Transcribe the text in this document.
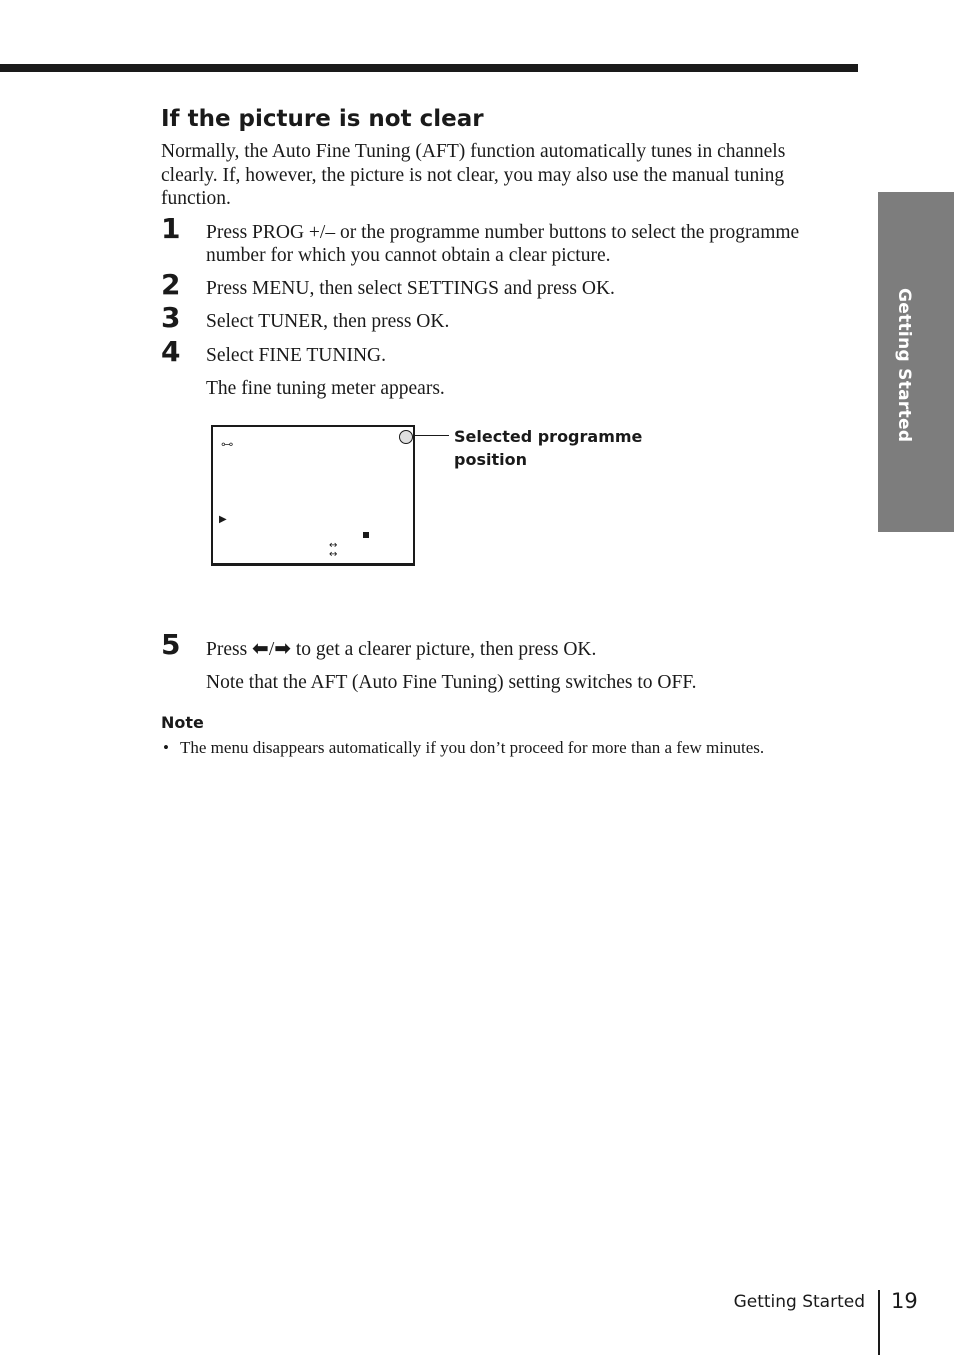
Getting Started
If the picture is not clear

Normally, the Auto Fine Tuning (AFT) function automatically tunes in channels clearly. If, however, the picture is not clear, you may also use the manual tuning function.

1 Press PROG +/– or the programme number buttons to select the programme number for which you cannot obtain a clear picture.
2 Press MENU, then select SETTINGS and press OK.
3 Select TUNER, then press OK.
4 Select FINE TUNING.

The fine tuning meter appears.

🜺
▶
↔
↔
Selected programme position
5 Press ⬅/➡ to get a clearer picture, then press OK.

Note that the AFT (Auto Fine Tuning) setting switches to OFF.

Note

• The menu disappears automatically if you don’t proceed for more than a few minutes.
Getting Started 19
